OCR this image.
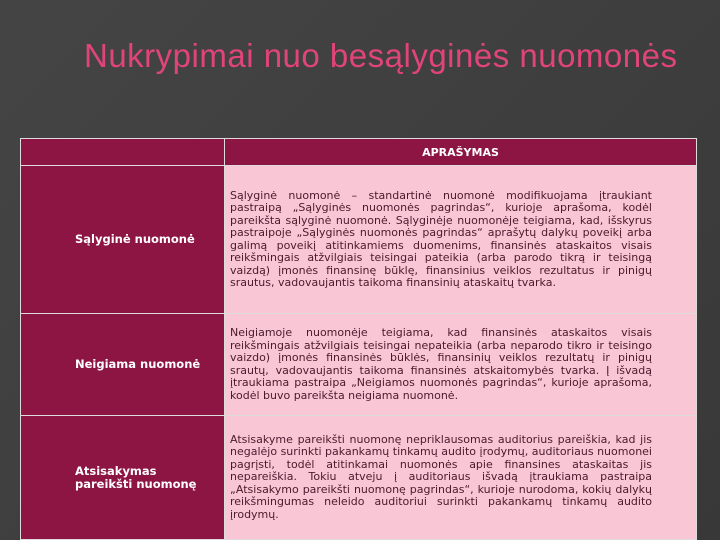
Nukrypimai nuo besąlyginės nuomonės
	APRAŠYMAS
Sąlyginė nuomonė	Sąlyginė nuomonė – standartinė nuomonė modifikuojama įtraukiant pastraipą „Sąlyginės nuomonės pagrindas“, kurioje aprašoma, kodėl pareikšta sąlyginė nuomonė. Sąlyginėje nuomonėje teigiama, kad, išskyrus pastraipoje „Sąlyginės nuomonės pagrindas“ aprašytų dalykų poveikį arba galimą poveikį atitinkamiems duomenims, finansinės ataskaitos visais reikšmingais atžvilgiais teisingai pateikia (arba parodo tikrą ir teisingą vaizdą) įmonės finansinę būklę, finansinius veiklos rezultatus ir pinigų srautus, vadovaujantis taikoma finansinių ataskaitų tvarka.
Neigiama nuomonė	Neigiamoje nuomonėje teigiama, kad finansinės ataskaitos visais reikšmingais atžvilgiais teisingai nepateikia (arba neparodo tikro ir teisingo vaizdo) įmonės finansinės būklės, finansinių veiklos rezultatų ir pinigų srautų, vadovaujantis taikoma finansinės atskaitomybės tvarka. Į išvadą įtraukiama pastraipa „Neigiamos nuomonės pagrindas“, kurioje aprašoma, kodėl buvo pareikšta neigiama nuomonė.
Atsisakymas pareikšti nuomonę	Atsisakyme pareikšti nuomonę nepriklausomas auditorius pareiškia, kad jis negalėjo surinkti pakankamų tinkamų audito įrodymų, auditoriaus nuomonei pagrįsti, todėl atitinkamai nuomonės apie finansines ataskaitas jis nepareiškia. Tokiu atveju į auditoriaus išvadą įtraukiama pastraipa „Atsisakymo pareikšti nuomonę pagrindas“, kurioje nurodoma, kokių dalykų reikšmingumas neleido auditoriui surinkti pakankamų tinkamų audito įrodymų.
